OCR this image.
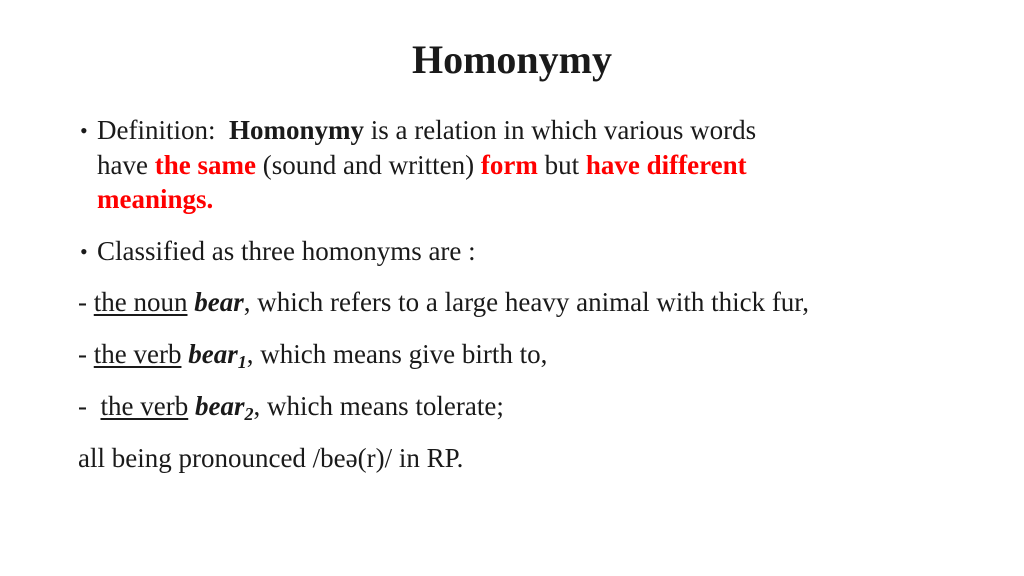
Homonymy
• Definition: Homonymy is a relation in which various words
have the same (sound and written) form but have different
meanings.
• Classified as three homonyms are :
- the noun bear, which refers to a large heavy animal with thick fur,
- the verb bear$_1$, which means give birth to,
-  the verb bear$_2$, which means tolerate;
all being pronounced /beə(r)/ in RP.
